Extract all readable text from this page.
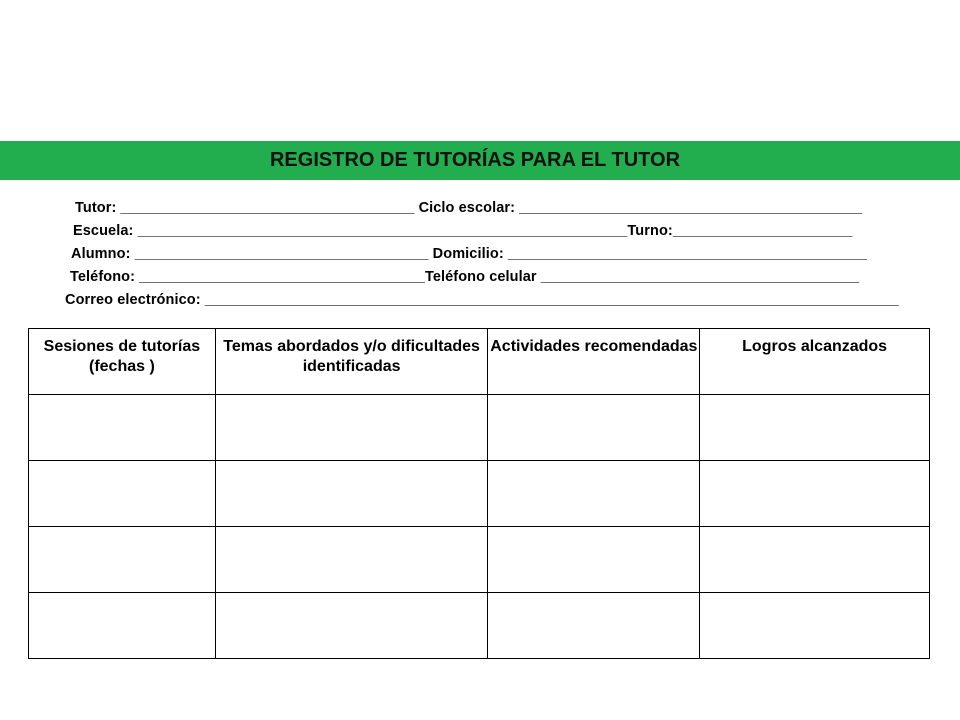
REGISTRO DE TUTORÍAS PARA EL TUTOR
Tutor: ____________________________________ Ciclo escolar: __________________________________________
Escuela: ____________________________________________________________Turno:______________________
Alumno: ____________________________________ Domicilio: ____________________________________________
Teléfono: ___________________________________Teléfono celular _______________________________________
Correo electrónico: _____________________________________________________________________________________
Sesiones de tutorías (fechas )	Temas abordados y/o dificultades identificadas	Actividades recomendadas	Logros alcanzados
